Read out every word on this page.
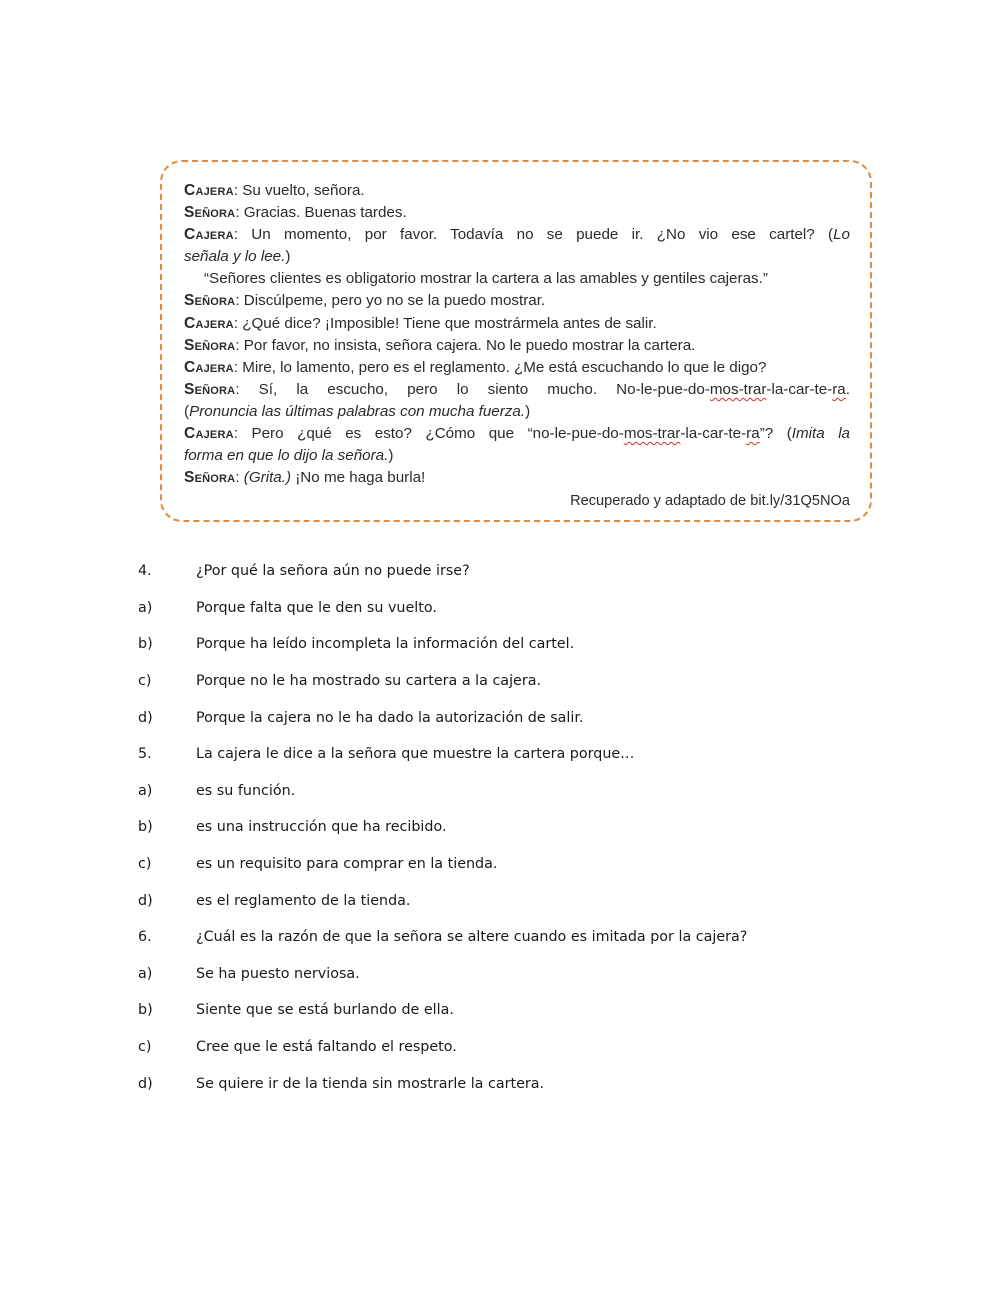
Cajera: Su vuelto, señora.
Señora: Gracias. Buenas tardes.
Cajera: Un momento, por favor. Todavía no se puede ir. ¿No vio ese cartel? (Lo
señala y lo lee.)
“Señores clientes es obligatorio mostrar la cartera a las amables y gentiles cajeras.”
Señora: Discúlpeme, pero yo no se la puedo mostrar.
Cajera: ¿Qué dice? ¡Imposible! Tiene que mostrármela antes de salir.
Señora: Por favor, no insista, señora cajera. No le puedo mostrar la cartera.
Cajera: Mire, lo lamento, pero es el reglamento. ¿Me está escuchando lo que le digo?
Señora: Sí, la escucho, pero lo siento mucho. No-le-pue-do-mos-trar-la-car-te-ra.
(Pronuncia las últimas palabras con mucha fuerza.)
Cajera: Pero ¿qué es esto? ¿Cómo que “no-le-pue-do-mos-trar-la-car-te-ra”? (Imita la
forma en que lo dijo la señora.)
Señora: (Grita.) ¡No me haga burla!
Recuperado y adaptado de bit.ly/31Q5NOa
4.	¿Por qué la señora aún no puede irse?
a)	Porque falta que le den su vuelto.
b)	Porque ha leído incompleta la información del cartel.
c)	Porque no le ha mostrado su cartera a la cajera.
d)	Porque la cajera no le ha dado la autorización de salir.
5.	La cajera le dice a la señora que muestre la cartera porque…
a)	es su función.
b)	es una instrucción que ha recibido.
c)	es un requisito para comprar en la tienda.
d)	es el reglamento de la tienda.
6.	¿Cuál es la razón de que la señora se altere cuando es imitada por la cajera?
a)	Se ha puesto nerviosa.
b)	Siente que se está burlando de ella.
c)	Cree que le está faltando el respeto.
d)	Se quiere ir de la tienda sin mostrarle la cartera.
